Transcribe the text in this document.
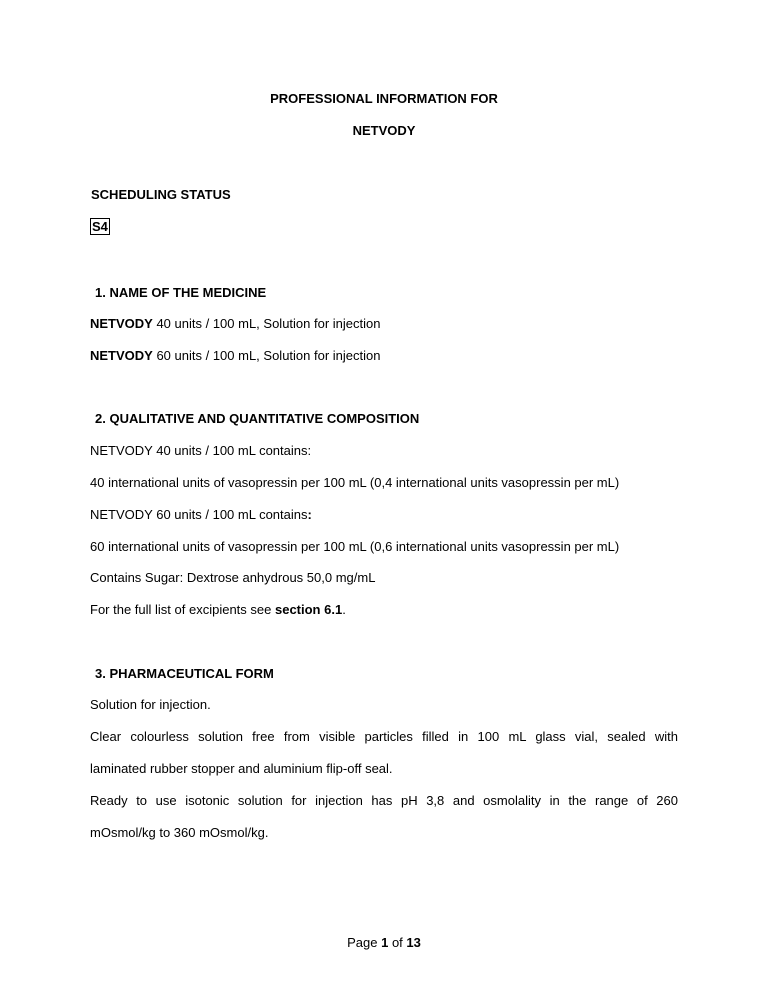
PROFESSIONAL INFORMATION FOR
NETVODY
SCHEDULING STATUS
S4
1. NAME OF THE MEDICINE
NETVODY 40 units / 100 mL, Solution for injection
NETVODY 60 units / 100 mL, Solution for injection
2. QUALITATIVE AND QUANTITATIVE COMPOSITION
NETVODY 40 units / 100 mL contains:
40 international units of vasopressin per 100 mL (0,4 international units vasopressin per mL)
NETVODY 60 units / 100 mL contains:
60 international units of vasopressin per 100 mL (0,6 international units vasopressin per mL)
Contains Sugar: Dextrose anhydrous 50,0 mg/mL
For the full list of excipients see section 6.1.
3. PHARMACEUTICAL FORM
Solution for injection.
Clear colourless solution free from visible particles filled in 100 mL glass vial, sealed with
laminated rubber stopper and aluminium flip-off seal.
Ready to use isotonic solution for injection has pH 3,8 and osmolality in the range of 260
mOsmol/kg to 360 mOsmol/kg.
Page 1 of 13
